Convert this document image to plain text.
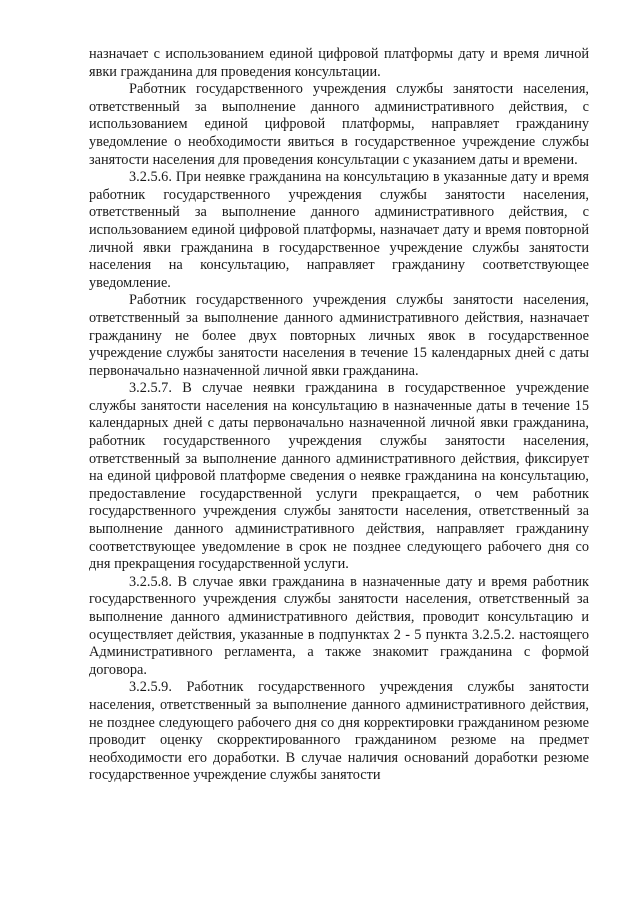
назначает с использованием единой цифровой платформы дату и время личной явки гражданина для проведения консультации.

Работник государственного учреждения службы занятости населения, ответственный за выполнение данного административного действия, с использованием единой цифровой платформы, направляет гражданину уведомление о необходимости явиться в государственное учреждение службы занятости населения для проведения консультации с указанием даты и времени.

3.2.5.6. При неявке гражданина на консультацию в указанные дату и время работник государственного учреждения службы занятости населения, ответственный за выполнение данного административного действия, с использованием единой цифровой платформы, назначает дату и время повторной личной явки гражданина в государственное учреждение службы занятости населения на консультацию, направляет гражданину соответствующее уведомление.

Работник государственного учреждения службы занятости населения, ответственный за выполнение данного административного действия, назначает гражданину не более двух повторных личных явок в государственное учреждение службы занятости населения в течение 15 календарных дней с даты первоначально назначенной личной явки гражданина.

3.2.5.7. В случае неявки гражданина в государственное учреждение службы занятости населения на консультацию в назначенные даты в течение 15 календарных дней с даты первоначально назначенной личной явки гражданина, работник государственного учреждения службы занятости населения, ответственный за выполнение данного административного действия, фиксирует на единой цифровой платформе сведения о неявке гражданина на консультацию, предоставление государственной услуги прекращается, о чем работник государственного учреждения службы занятости населения, ответственный за выполнение данного административного действия, направляет гражданину соответствующее уведомление в срок не позднее следующего рабочего дня со дня прекращения государственной услуги.

3.2.5.8. В случае явки гражданина в назначенные дату и время работник государственного учреждения службы занятости населения, ответственный за выполнение данного административного действия, проводит консультацию и осуществляет действия, указанные в подпунктах 2 - 5 пункта 3.2.5.2. настоящего Административного регламента, а также знакомит гражданина с формой договора.

3.2.5.9. Работник государственного учреждения службы занятости населения, ответственный за выполнение данного административного действия, не позднее следующего рабочего дня со дня корректировки гражданином резюме проводит оценку скорректированного гражданином резюме на предмет необходимости его доработки. В случае наличия оснований доработки резюме государственное учреждение службы занятости
